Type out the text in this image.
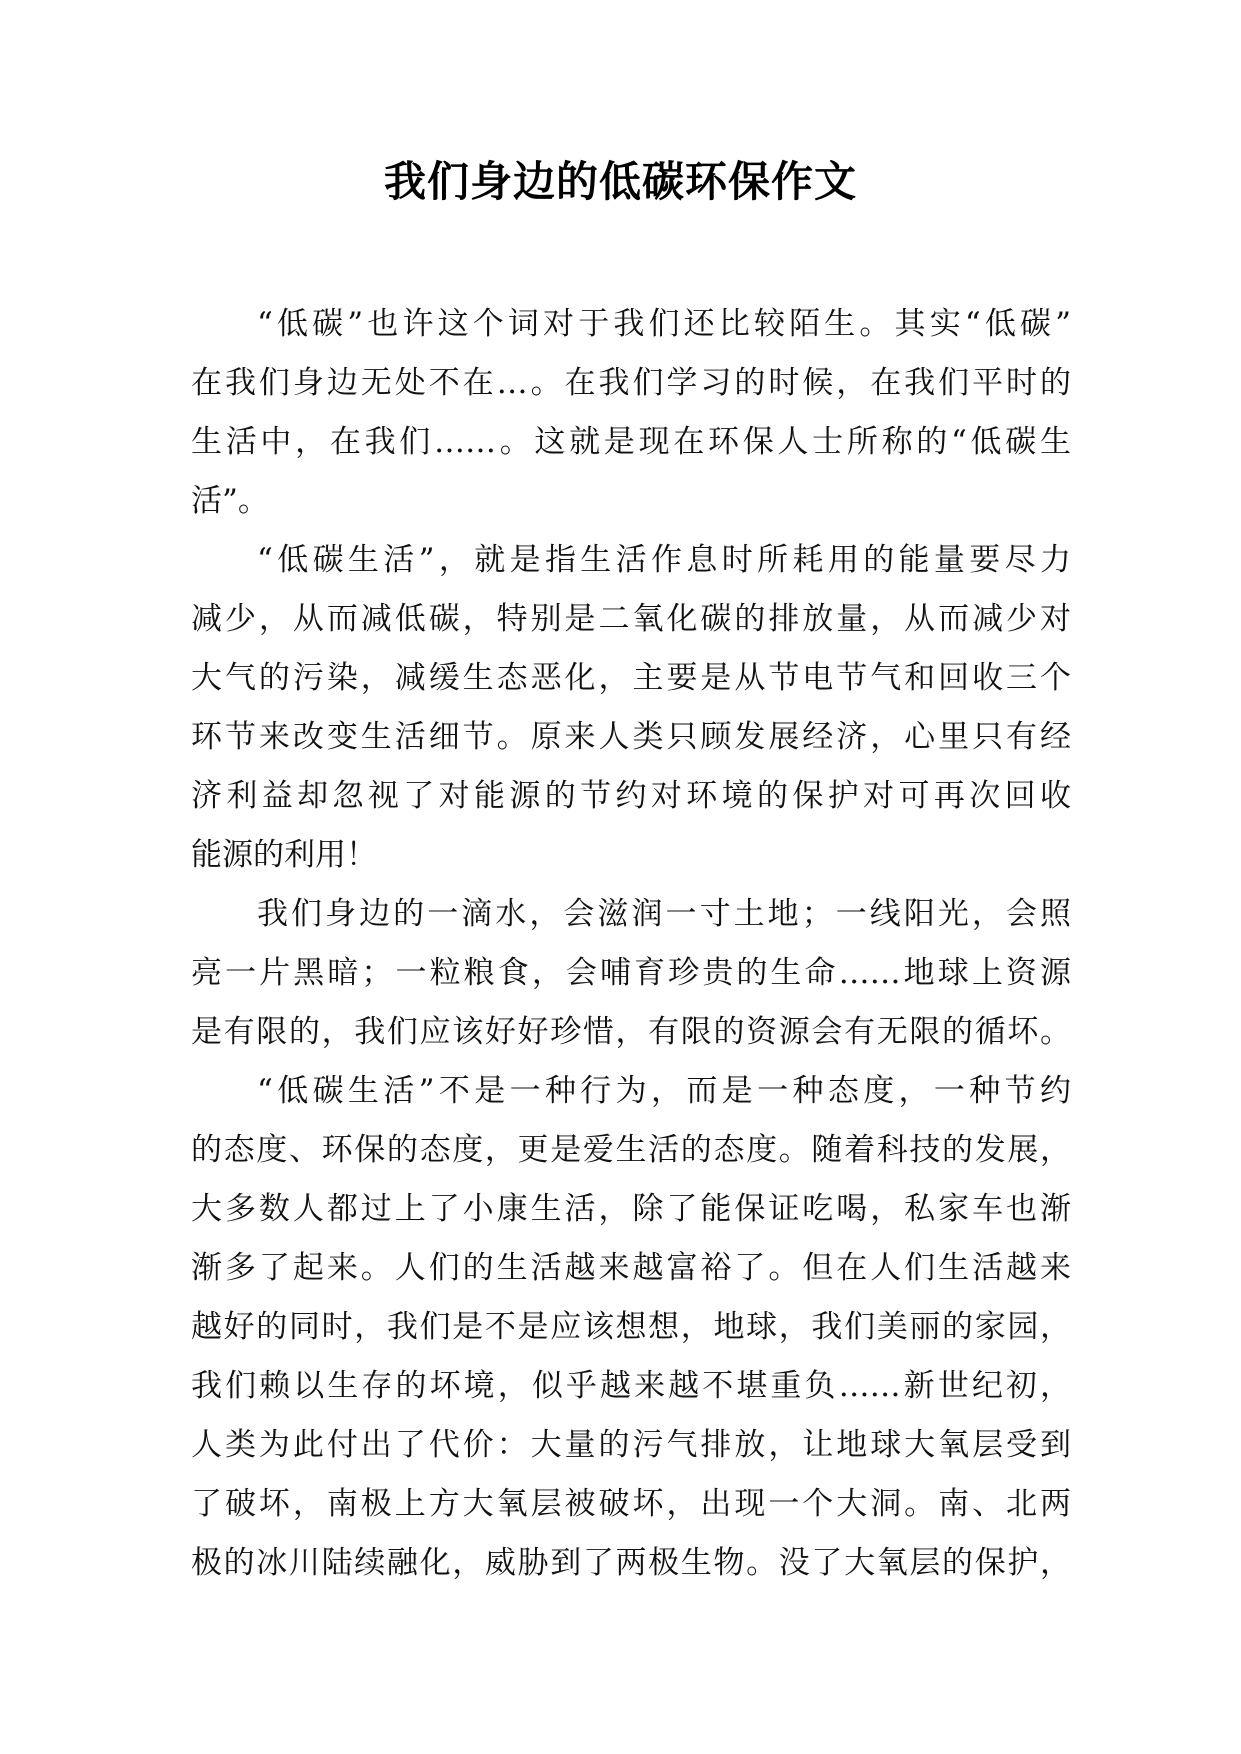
我们身边的低碳环保作文
“低碳”也许这个词对于我们还比较陌生。其实“低碳”
在我们身边无处不在…。在我们学习的时候，在我们平时的
生活中，在我们……。这就是现在环保人士所称的“低碳生
活”。
“低碳生活”，就是指生活作息时所耗用的能量要尽力
减少，从而减低碳，特别是二氧化碳的排放量，从而减少对
大气的污染，减缓生态恶化，主要是从节电节气和回收三个
环节来改变生活细节。原来人类只顾发展经济，心里只有经
济利益却忽视了对能源的节约对环境的保护对可再次回收
能源的利用！
我们身边的一滴水，会滋润一寸土地；一线阳光，会照
亮一片黑暗；一粒粮食，会哺育珍贵的生命……地球上资源
是有限的，我们应该好好珍惜，有限的资源会有无限的循坏。
“低碳生活”不是一种行为，而是一种态度，一种节约
的态度、环保的态度，更是爱生活的态度。随着科技的发展，
大多数人都过上了小康生活，除了能保证吃喝，私家车也渐
渐多了起来。人们的生活越来越富裕了。但在人们生活越来
越好的同时，我们是不是应该想想，地球，我们美丽的家园，
我们赖以生存的坏境，似乎越来越不堪重负……新世纪初，
人类为此付出了代价：大量的污气排放，让地球大氧层受到
了破坏，南极上方大氧层被破坏，出现一个大洞。南、北两
极的冰川陆续融化，威胁到了两极生物。没了大氧层的保护，
